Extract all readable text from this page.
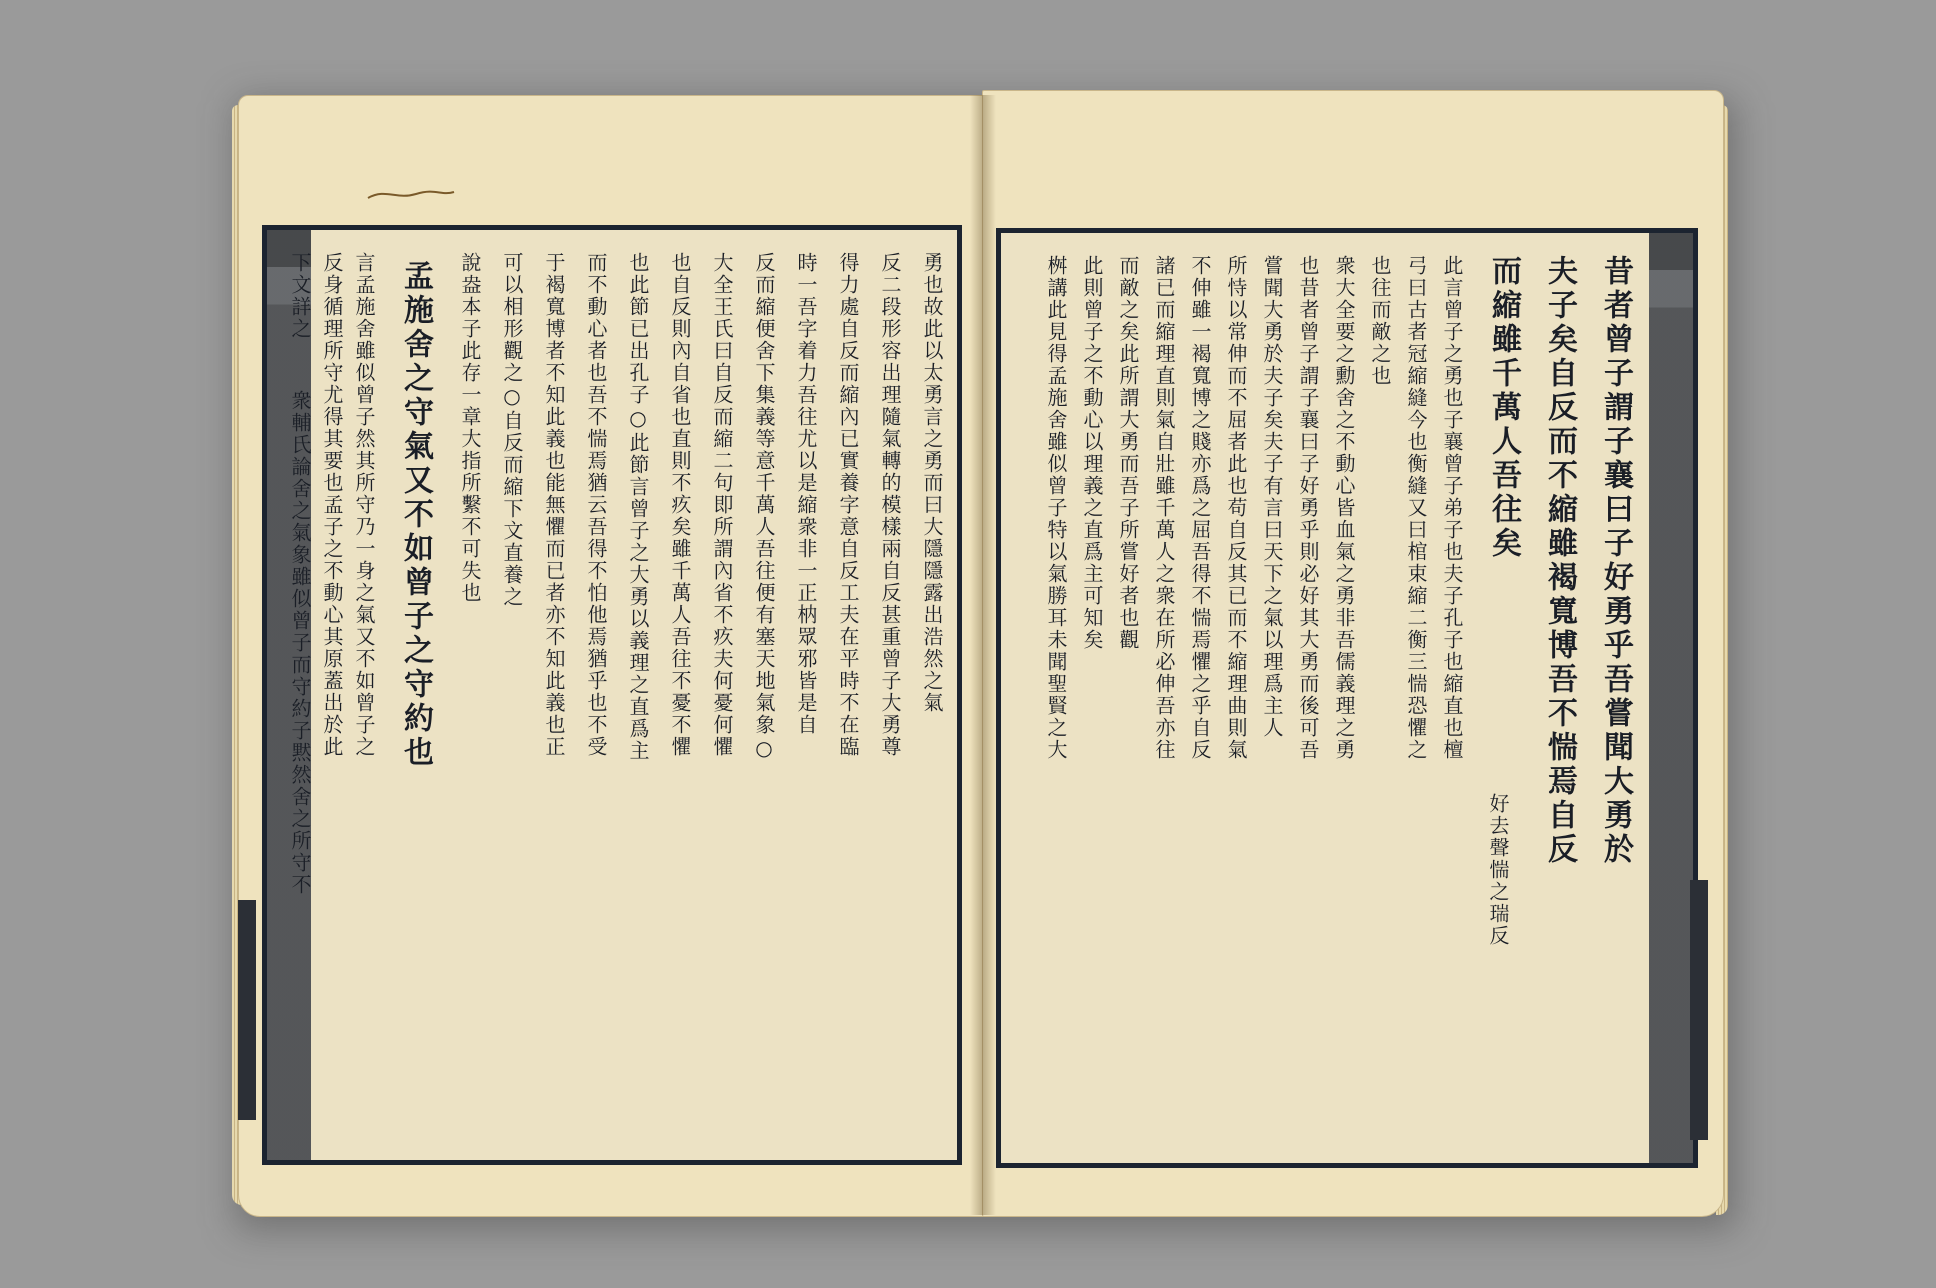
勇也故此以太勇言之勇而曰大隱隱露出浩然之氣
反二段形容出理隨氣轉的模樣兩自反甚重曾子大勇尊
得力處自反而縮內已實養字意自反工夫在平時不在臨
時一吾字着力吾往尤以是縮衆非一正枘眾邪皆是自
反而縮便舍下集義等意千萬人吾往便有塞天地氣象○
大全王氏曰自反而縮二句即所謂內省不疚夫何憂何懼
也自反則內自省也直則不疚矣雖千萬人吾往不憂不懼
也此節已出孔子○此節言曾子之大勇以義理之直爲主
而不動心者也吾不惴焉猶云吾得不怕他焉猶乎也不受
于褐寬博者不知此義也能無懼而已者亦不知此義也正
可以相形觀之○自反而縮下文直養之
說盎本子此存一章大指所繫不可失也
孟施舍之守氣又不如曾子之守約也
言孟施舍雖似曾子然其所守乃一身之氣又不如曾子之
反身循理所守尤得其要也孟子之不動心其原蓋出於此
下文詳之
衆輔氏論舍之氣象雖似曾子而守約子黙然舍之所守不	昔者曾子謂子襄曰子好勇乎吾嘗聞大勇於
夫子矣自反而不縮雖褐寬博吾不惴焉自反
而縮雖千萬人吾往矣
好去聲惴之瑞反
此言曾子之勇也子襄曾子弟子也夫子孔子也縮直也檀
弓曰古者冠縮縫今也衡縫又曰棺束縮二衡三惴恐懼之
也往而敵之也
衆大全要之勳舍之不動心皆血氣之勇非吾儒義理之勇
也昔者曾子謂子襄曰子好勇乎則必好其大勇而後可吾
嘗聞大勇於夫子矣夫子有言曰天下之氣以理爲主人
所恃以常伸而不屈者此也苟自反其已而不縮理曲則氣
不伸雖一褐寬博之賤亦爲之屈吾得不惴焉懼之乎自反
諸已而縮理直則氣自壯雖千萬人之衆在所必伸吾亦往
而敵之矣此所謂大勇而吾子所嘗好者也觀
此則曾子之不動心以理義之直爲主可知矣
桝講此見得孟施舍雖似曾子特以氣勝耳未聞聖賢之大
